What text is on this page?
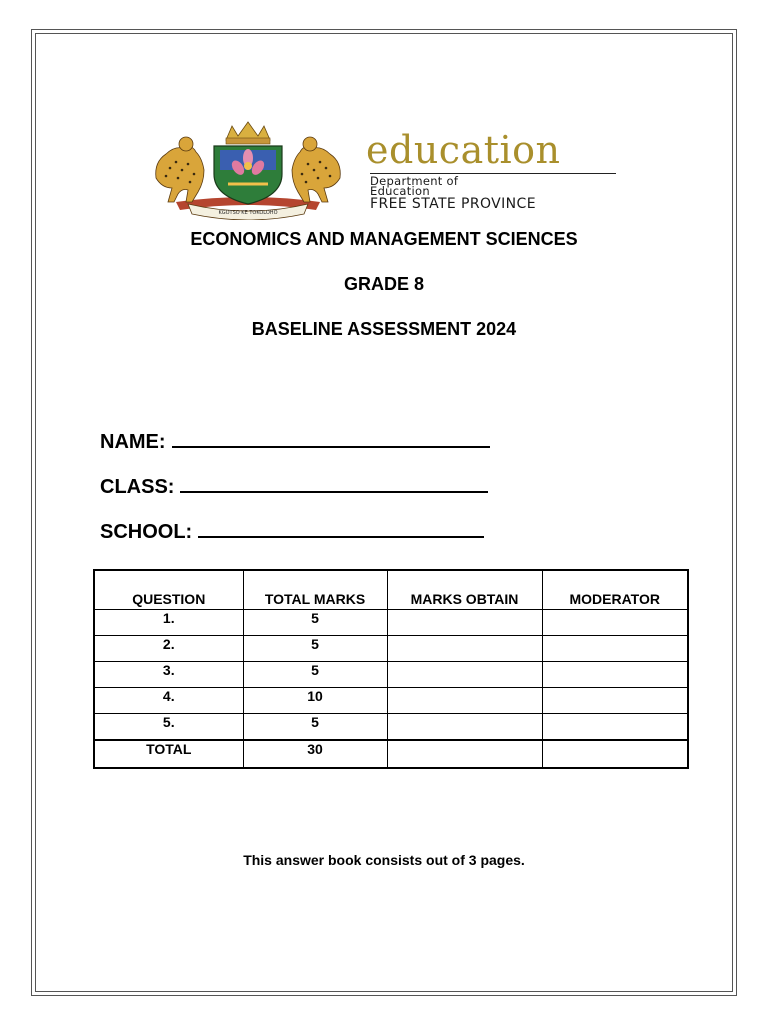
KGOTSO KE TOKOLOHO
education
Department of
Education
FREE STATE PROVINCE
ECONOMICS AND MANAGEMENT SCIENCES
GRADE 8
BASELINE ASSESSMENT 2024
NAME:
CLASS:
SCHOOL:
QUESTION	TOTAL MARKS	MARKS OBTAIN	MODERATOR
1.	5		
2.	5		
3.	5		
4.	10		
5.	5		
TOTAL	30		
This answer book consists out of 3 pages.
